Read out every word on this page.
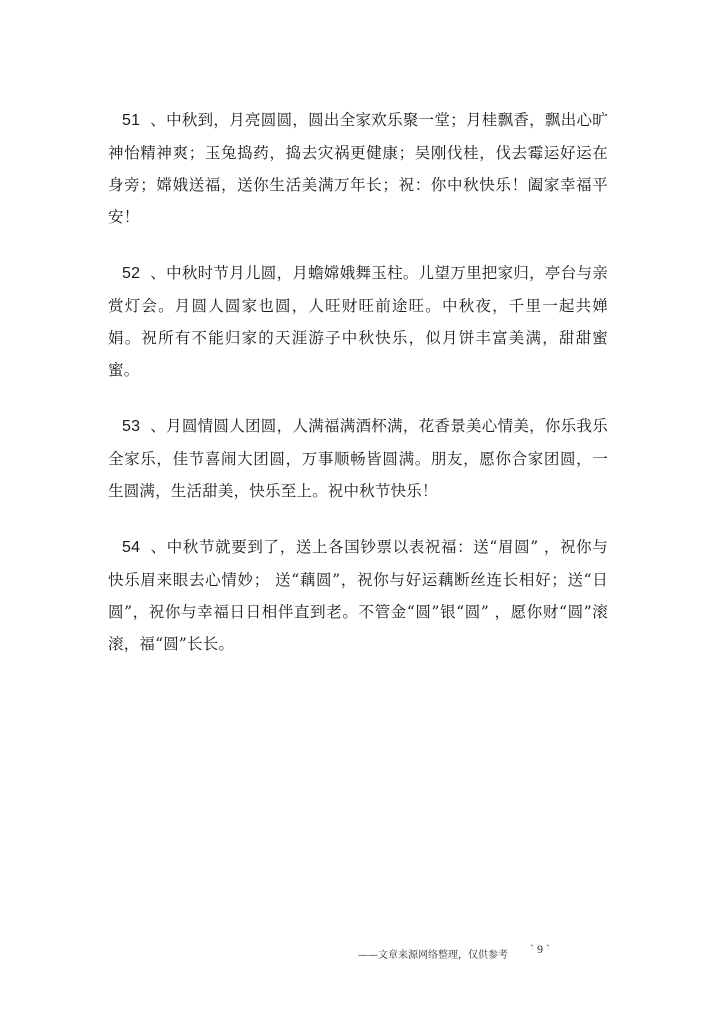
51 、中秋到，月亮圆圆，圆出全家欢乐聚一堂；月桂飘香，飘出心旷神怡精神爽；玉兔捣药，捣去灾祸更健康；吴刚伐桂，伐去霉运好运在身旁；嫦娥送福，送你生活美满万年长；祝：你中秋快乐！阖家幸福平安！

52 、中秋时节月儿圆，月蟾嫦娥舞玉柱。儿望万里把家归，亭台与亲赏灯会。月圆人圆家也圆，人旺财旺前途旺。中秋夜，千里一起共婵娟。祝所有不能归家的天涯游子中秋快乐，似月饼丰富美满，甜甜蜜蜜。

53 、月圆情圆人团圆，人满福满酒杯满，花香景美心情美，你乐我乐全家乐，佳节喜闹大团圆，万事顺畅皆圆满。朋友，愿你合家团圆，一生圆满，生活甜美，快乐至上。祝中秋节快乐！

54 、中秋节就要到了，送上各国钞票以表祝福：送“眉圆” ，祝你与快乐眉来眼去心情妙； 送“藕圆”，祝你与好运藕断丝连长相好；送“日圆”，祝你与幸福日日相伴直到老。不管金“圆”银“圆” ，愿你财“圆”滚滚，福“圆”长长。

——文章来源网络整理，仅供参考 ` 9 `
